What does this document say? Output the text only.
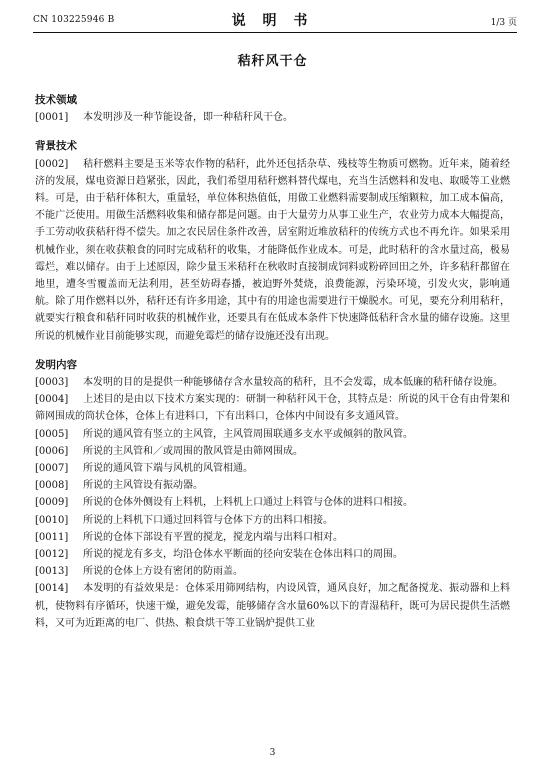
CN 103225946 B	说 明 书	1/3 页
秸秆风干仓

技术领域

[0001] 本发明涉及一种节能设备，即一种秸秆风干仓。

背景技术

[0002] 秸秆燃料主要是玉米等农作物的秸秆，此外还包括杂草、残枝等生物质可燃物。近年来，随着经济的发展，煤电资源日趋紧张，因此，我们希望用秸秆燃料替代煤电，充当生活燃料和发电、取暖等工业燃料。可是，由于秸秆体积大，重量轻，单位体积热值低，用做工业燃料需要制成压缩颗粒，加工成本偏高，不能广泛使用。用做生活燃料收集和储存都是问题。由于大量劳力从事工业生产，农业劳力成本大幅提高，手工劳动收获秸秆得不偿失。加之农民居住条件改善，居室附近堆放秸秆的传统方式也不再允许。如果采用机械作业，须在收获粮食的同时完成秸秆的收集，才能降低作业成本。可是，此时秸秆的含水量过高，极易霉烂，难以储存。由于上述原因，除少量玉米秸秆在秋收时直接制成饲料或粉碎回田之外，许多秸秆都留在地里，遭冬雪覆盖而无法利用，甚至妨碍春播，被迫野外焚烧，浪费能源，污染环境，引发火灾，影响通航。除了用作燃料以外，秸秆还有许多用途，其中有的用途也需要进行干燥脱水。可见，要充分利用秸秆，就要实行粮食和秸秆同时收获的机械作业，还要具有在低成本条件下快速降低秸秆含水量的储存设施。这里所说的机械作业目前能够实现，而避免霉烂的储存设施还没有出现。

发明内容

[0003] 本发明的目的是提供一种能够储存含水量较高的秸秆，且不会发霉，成本低廉的秸秆储存设施。

[0004] 上述目的是由以下技术方案实现的：研制一种秸秆风干仓，其特点是：所说的风干仓有由骨架和筛网围成的筒状仓体，仓体上有进料口，下有出料口，仓体内中间设有多支通风管。

[0005] 所说的通风管有竖立的主风管，主风管周围联通多支水平或倾斜的散风管。

[0006] 所说的主风管和／或周围的散风管是由筛网围成。

[0007] 所说的通风管下端与风机的风管相通。

[0008] 所说的主风管设有振动器。

[0009] 所说的仓体外侧设有上料机，上料机上口通过上料管与仓体的进料口相接。

[0010] 所说的上料机下口通过回料管与仓体下方的出料口相接。

[0011] 所说的仓体下部设有平置的搅龙，搅龙内端与出料口相对。

[0012] 所说的搅龙有多支，均沿仓体水平断面的径向安装在仓体出料口的周围。

[0013] 所说的仓体上方设有密闭的防雨盖。

[0014] 本发明的有益效果是：仓体采用筛网结构，内设风管，通风良好，加之配备搅龙、振动器和上料机，使物料有序循环，快速干燥，避免发霉，能够储存含水量60%以下的青湿秸秆，既可为居民提供生活燃料，又可为近距离的电厂、供热、粮食烘干等工业锅炉提供工业

3
